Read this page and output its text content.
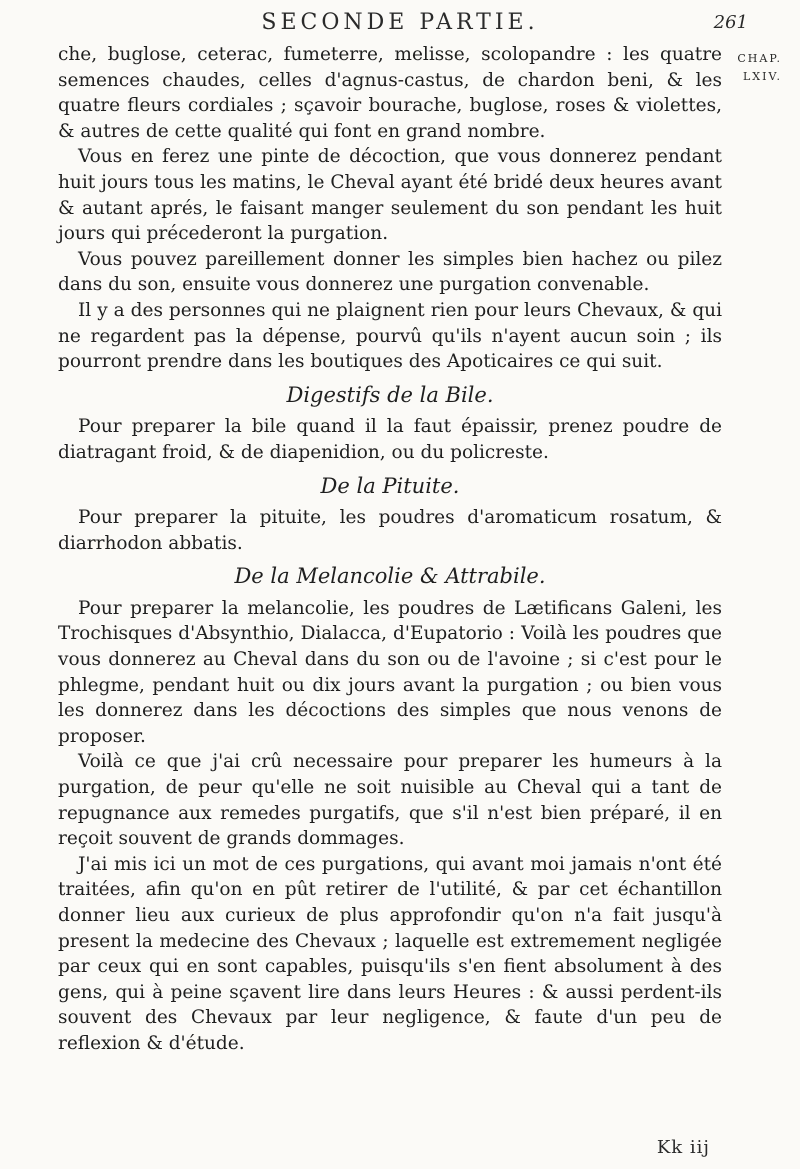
SECONDE PARTIE.	261
CHAP.
LXIV.

che, buglose, ceterac, fumeterre, melisse, scolopandre : les quatre semences chaudes, celles d'agnus-castus, de chardon beni, & les quatre fleurs cordiales ; sçavoir bourache, buglose, roses & violettes, & autres de cette qualité qui font en grand nombre.

Vous en ferez une pinte de décoction, que vous donnerez pendant huit jours tous les matins, le Cheval ayant été bridé deux heures avant & autant aprés, le faisant manger seulement du son pendant les huit jours qui précederont la purgation.

Vous pouvez pareillement donner les simples bien hachez ou pilez dans du son, ensuite vous donnerez une purgation convenable.

Il y a des personnes qui ne plaignent rien pour leurs Chevaux, & qui ne regardent pas la dépense, pourvû qu'ils n'ayent aucun soin ; ils pourront prendre dans les boutiques des Apoticaires ce qui suit.

Digestifs de la Bile.

Pour preparer la bile quand il la faut épaissir, prenez poudre de diatragant froid, & de diapenidion, ou du policreste.

De la Pituite.

Pour preparer la pituite, les poudres d'aromaticum rosatum, & diarrhodon abbatis.

De la Melancolie & Attrabile.

Pour preparer la melancolie, les poudres de Lætificans Galeni, les Trochisques d'Absynthio, Dialacca, d'Eupatorio : Voilà les poudres que vous donnerez au Cheval dans du son ou de l'avoine ; si c'est pour le phlegme, pendant huit ou dix jours avant la purgation ; ou bien vous les donnerez dans les décoctions des simples que nous venons de proposer.

Voilà ce que j'ai crû necessaire pour preparer les humeurs à la purgation, de peur qu'elle ne soit nuisible au Cheval qui a tant de repugnance aux remedes purgatifs, que s'il n'est bien préparé, il en reçoit souvent de grands dommages.

J'ai mis ici un mot de ces purgations, qui avant moi jamais n'ont été traitées, afin qu'on en pût retirer de l'utilité, & par cet échantillon donner lieu aux curieux de plus approfondir qu'on n'a fait jusqu'à present la medecine des Chevaux ; laquelle est extremement negligée par ceux qui en sont capables, puisqu'ils s'en fient absolument à des gens, qui à peine sçavent lire dans leurs Heures : & aussi perdent-ils souvent des Chevaux par leur negligence, & faute d'un peu de reflexion & d'étude.

Kk iij
